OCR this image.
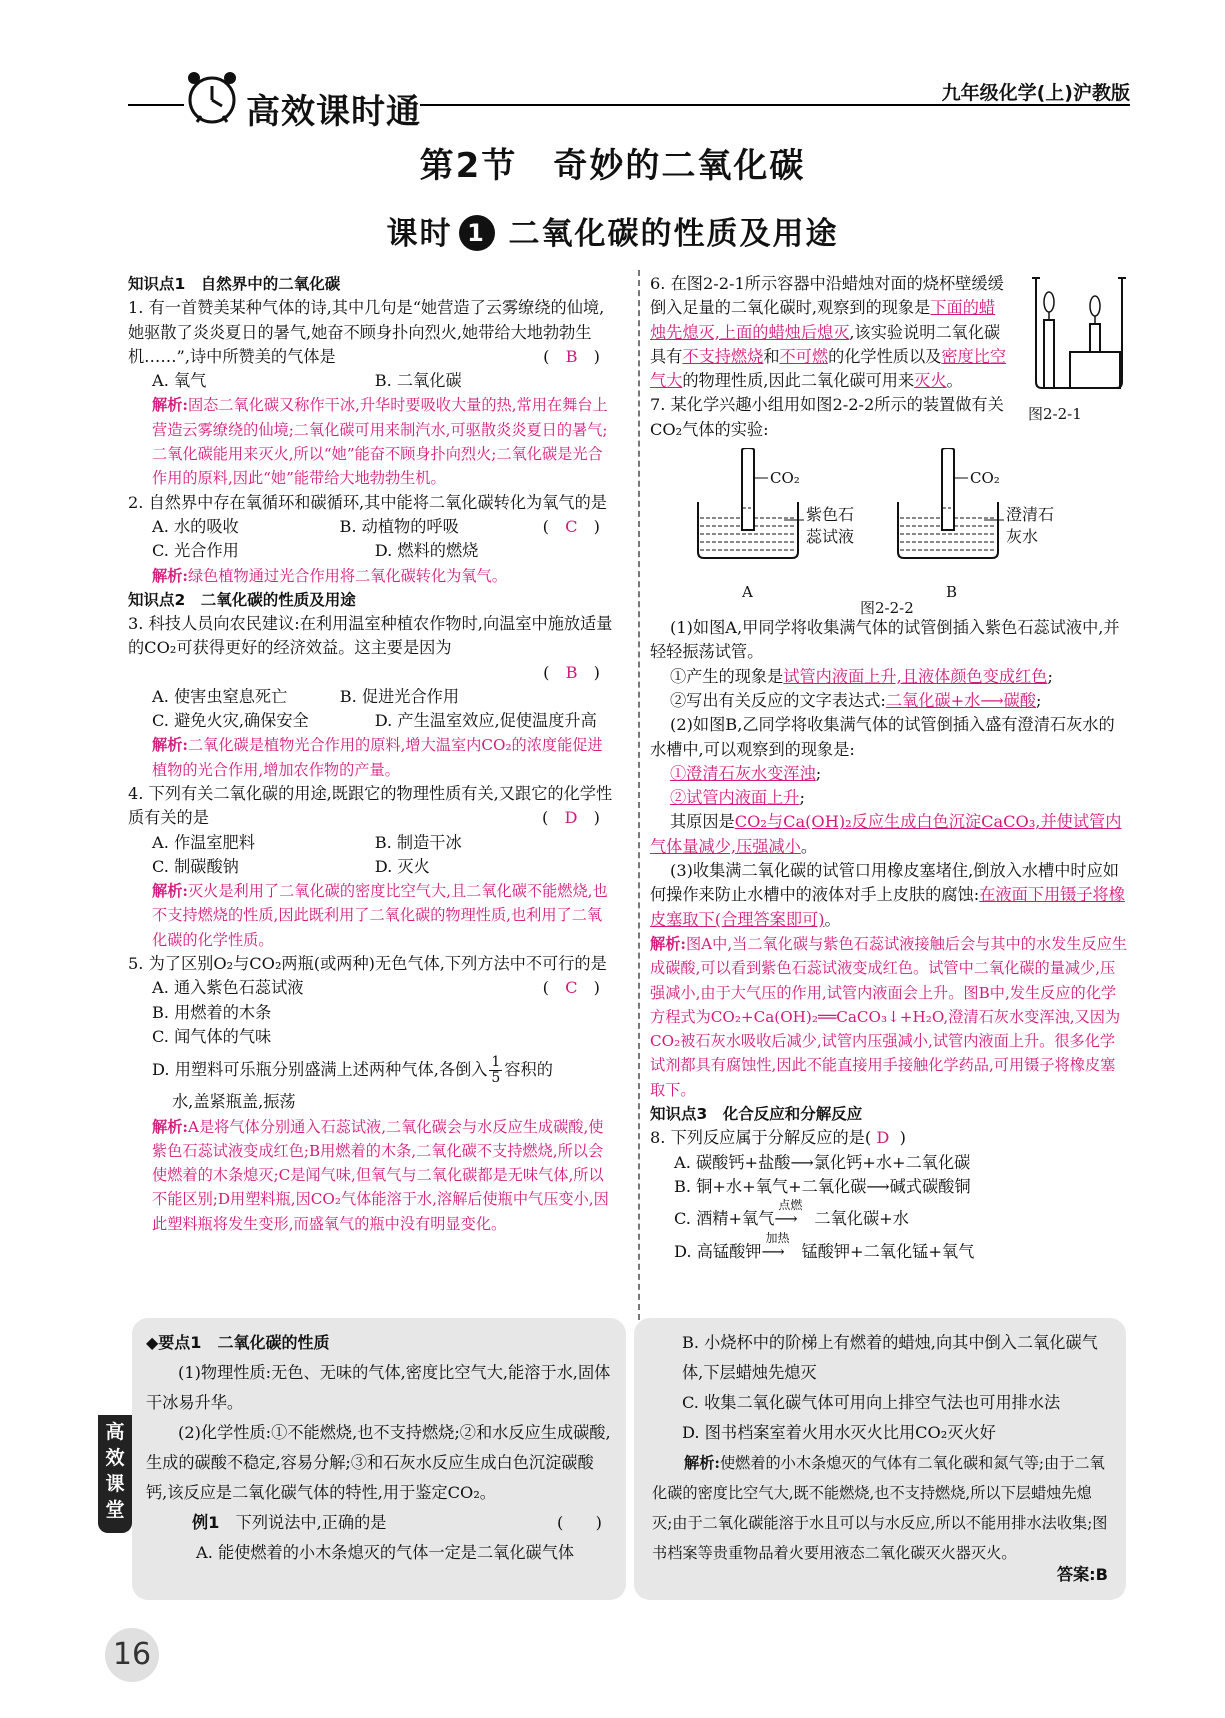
高效课时通	九年级化学(上)沪教版
第2节　奇妙的二氧化碳
课时 1 二氧化碳的性质及用途

知识点1　自然界中的二氧化碳

1. 有一首赞美某种气体的诗,其中几句是“她营造了云雾缭绕的仙境,她驱散了炎炎夏日的暑气,她奋不顾身扑向烈火,她带给大地勃勃生机……”,诗中所赞美的气体是	(　B　)

A. 氧气	B. 二氧化碳

解析:固态二氧化碳又称作干冰,升华时要吸收大量的热,常用在舞台上营造云雾缭绕的仙境;二氧化碳可用来制汽水,可驱散炎炎夏日的暑气;二氧化碳能用来灭火,所以“她”能奋不顾身扑向烈火;二氧化碳是光合作用的原料,因此“她”能带给大地勃勃生机。

2. 自然界中存在氧循环和碳循环,其中能将二氧化碳转化为氧气的是
(　C　)

A. 水的吸收	B. 动植物的呼吸
C. 光合作用	D. 燃料的燃烧

解析:绿色植物通过光合作用将二氧化碳转化为氧气。

知识点2　二氧化碳的性质及用途

3. 科技人员向农民建议:在利用温室种植农作物时,向温室中施放适量的CO₂可获得更好的经济效益。这主要是因为

(　B　)

A. 使害虫窒息死亡	B. 促进光合作用
C. 避免火灾,确保安全	D. 产生温室效应,促使温度升高

解析:二氧化碳是植物光合作用的原料,增大温室内CO₂的浓度能促进植物的光合作用,增加农作物的产量。

4. 下列有关二氧化碳的用途,既跟它的物理性质有关,又跟它的化学性质有关的是	(　D　)

A. 作温室肥料	B. 制造干冰
C. 制碳酸钠	D. 灭火

解析:灭火是利用了二氧化碳的密度比空气大,且二氧化碳不能燃烧,也不支持燃烧的性质,因此既利用了二氧化碳的物理性质,也利用了二氧化碳的化学性质。

5. 为了区别O₂与CO₂两瓶(或两种)无色气体,下列方法中不可行的是
(　C　)

A. 通入紫色石蕊试液

B. 用燃着的木条

C. 闻气体的气味

D. 用塑料可乐瓶分别盛满上述两种气体,各倒入 $\frac{1}{5}$ 容积的

水,盖紧瓶盖,振荡

解析:A是将气体分别通入石蕊试液,二氧化碳会与水反应生成碳酸,使紫色石蕊试液变成红色;B用燃着的木条,二氧化碳不支持燃烧,所以会使燃着的木条熄灭;C是闻气味,但氧气与二氧化碳都是无味气体,所以不能区别;D用塑料瓶,因CO₂气体能溶于水,溶解后使瓶中气压变小,因此塑料瓶将发生变形,而盛氧气的瓶中没有明显变化。

6. 在图2-2-1所示容器中沿蜡烛对面的烧杯壁缓缓倒入足量的二氧化碳时,观察到的现象是下面的蜡烛先熄灭,上面的蜡烛后熄灭,该实验说明二氧化碳具有不支持燃烧和不可燃的化学性质以及密度比空气大的物理性质,因此二氧化碳可用来灭火。

图2-2-1

7. 某化学兴趣小组用如图2-2-2所示的装置做有关CO₂气体的实验:

CO₂
紫色石蕊试液
A
CO₂
澄清石灰水
B
图2-2-2

(1)如图A,甲同学将收集满气体的试管倒插入紫色石蕊试液中,并轻轻振荡试管。

①产生的现象是试管内液面上升,且液体颜色变成红色;

②写出有关反应的文字表达式:二氧化碳+水⟶碳酸;

(2)如图B,乙同学将收集满气体的试管倒插入盛有澄清石灰水的水槽中,可以观察到的现象是:

①澄清石灰水变浑浊;

②试管内液面上升;

其原因是CO₂与Ca(OH)₂反应生成白色沉淀CaCO₃,并使试管内气体量减少,压强减小。

(3)收集满二氧化碳的试管口用橡皮塞堵住,倒放入水槽中时应如何操作来防止水槽中的液体对手上皮肤的腐蚀:在液面下用镊子将橡皮塞取下(合理答案即可)。

解析:图A中,当二氧化碳与紫色石蕊试液接触后会与其中的水发生反应生成碳酸,可以看到紫色石蕊试液变成红色。试管中二氧化碳的量减少,压强减小,由于大气压的作用,试管内液面会上升。图B中,发生反应的化学方程式为CO₂+Ca(OH)₂══CaCO₃↓+H₂O,澄清石灰水变浑浊,又因为CO₂被石灰水吸收后减少,试管内压强减小,试管内液面上升。很多化学试剂都具有腐蚀性,因此不能直接用手接触化学药品,可用镊子将橡皮塞取下。

知识点3　化合反应和分解反应

8. 下列反应属于分解反应的是( D )

A. 碳酸钙+盐酸⟶氯化钙+水+二氧化碳

B. 铜+水+氧气+二氧化碳⟶碱式碳酸铜

C. 酒精+氧气
点燃
⟶ 二氧化碳+水

D. 高锰酸钾
加热
⟶ 锰酸钾+二氧化锰+氧气

◆要点1　二氧化碳的性质

(1)物理性质:无色、无味的气体,密度比空气大,能溶于水,固体干冰易升华。

(2)化学性质:①不能燃烧,也不支持燃烧;②和水反应生成碳酸,生成的碳酸不稳定,容易分解;③和石灰水反应生成白色沉淀碳酸钙,该反应是二氧化碳气体的特性,用于鉴定CO₂。

例1　 下列说法中,正确的是	(　　)

A. 能使燃着的小木条熄灭的气体一定是二氧化碳气体

B. 小烧杯中的阶梯上有燃着的蜡烛,向其中倒入二氧化碳气体,下层蜡烛先熄灭

C. 收集二氧化碳气体可用向上排空气法也可用排水法

D. 图书档案室着火用水灭火比用CO₂灭火好

解析:使燃着的小木条熄灭的气体有二氧化碳和氮气等;由于二氧化碳的密度比空气大,既不能燃烧,也不支持燃烧,所以下层蜡烛先熄灭;由于二氧化碳能溶于水且可以与水反应,所以不能用排水法收集;图书档案等贵重物品着火要用液态二氧化碳灭火器灭火。

答案:B

高效课堂
16
